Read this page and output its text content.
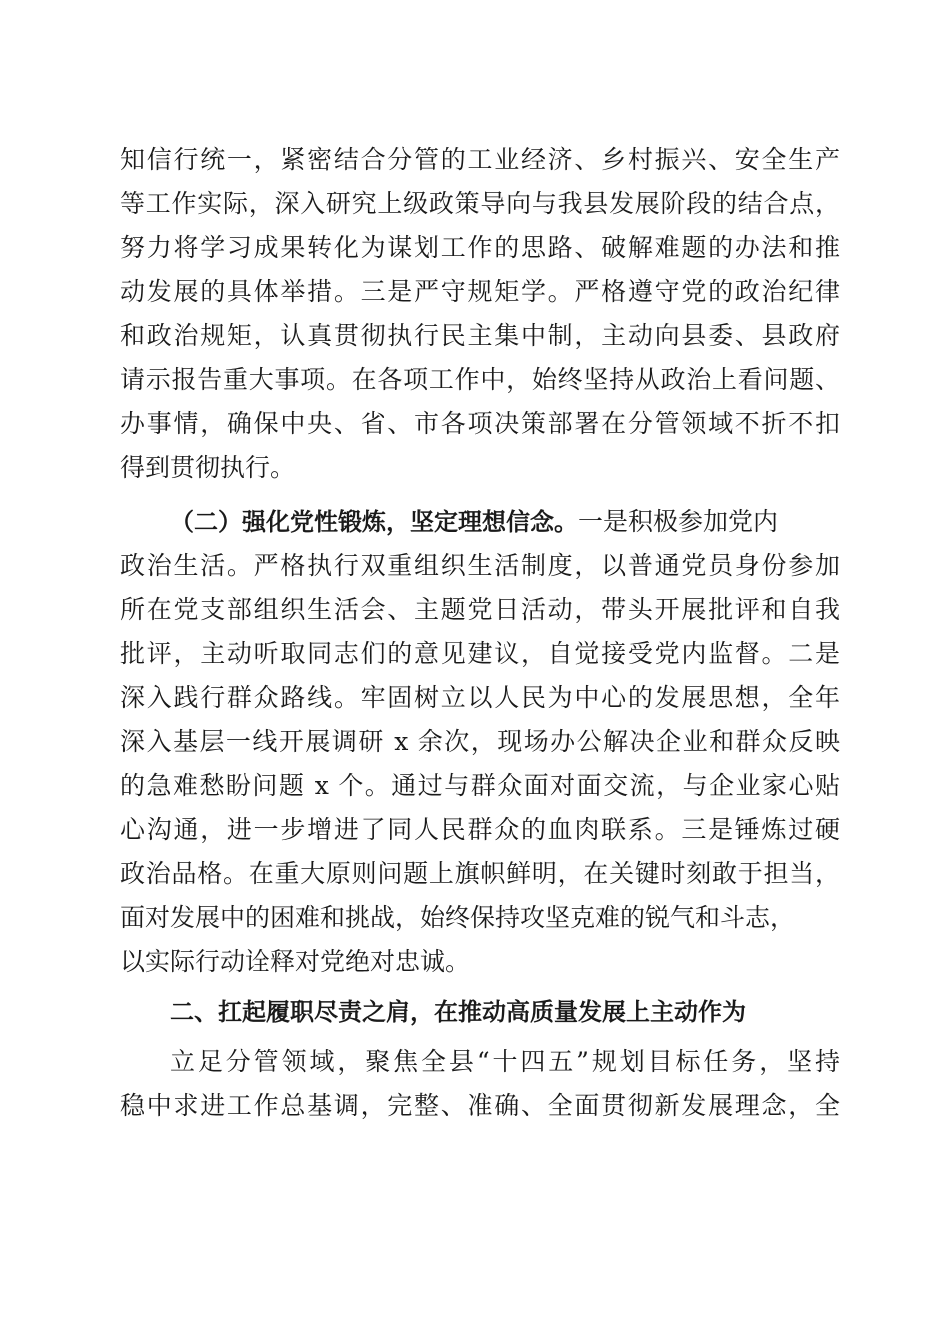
知信行统一，紧密结合分管的工业经济、乡村振兴、安全生产
等工作实际，深入研究上级政策导向与我县发展阶段的结合点，
努力将学习成果转化为谋划工作的思路、破解难题的办法和推
动发展的具体举措。三是严守规矩学。严格遵守党的政治纪律
和政治规矩，认真贯彻执行民主集中制，主动向县委、县政府
请示报告重大事项。在各项工作中，始终坚持从政治上看问题、
办事情，确保中央、省、市各项决策部署在分管领域不折不扣
得到贯彻执行。
（二）强化党性锻炼，坚定理想信念。一是积极参加党内
政治生活。严格执行双重组织生活制度，以普通党员身份参加
所在党支部组织生活会、主题党日活动，带头开展批评和自我
批评，主动听取同志们的意见建议，自觉接受党内监督。二是
深入践行群众路线。牢固树立以人民为中心的发展思想，全年
深入基层一线开展调研 x 余次，现场办公解决企业和群众反映
的急难愁盼问题 x 个。通过与群众面对面交流，与企业家心贴
心沟通，进一步增进了同人民群众的血肉联系。三是锤炼过硬
政治品格。在重大原则问题上旗帜鲜明，在关键时刻敢于担当，
面对发展中的困难和挑战，始终保持攻坚克难的锐气和斗志，
以实际行动诠释对党绝对忠诚。
二、扛起履职尽责之肩，在推动高质量发展上主动作为
立足分管领域，聚焦全县“十四五”规划目标任务，坚持
稳中求进工作总基调，完整、准确、全面贯彻新发展理念，全
